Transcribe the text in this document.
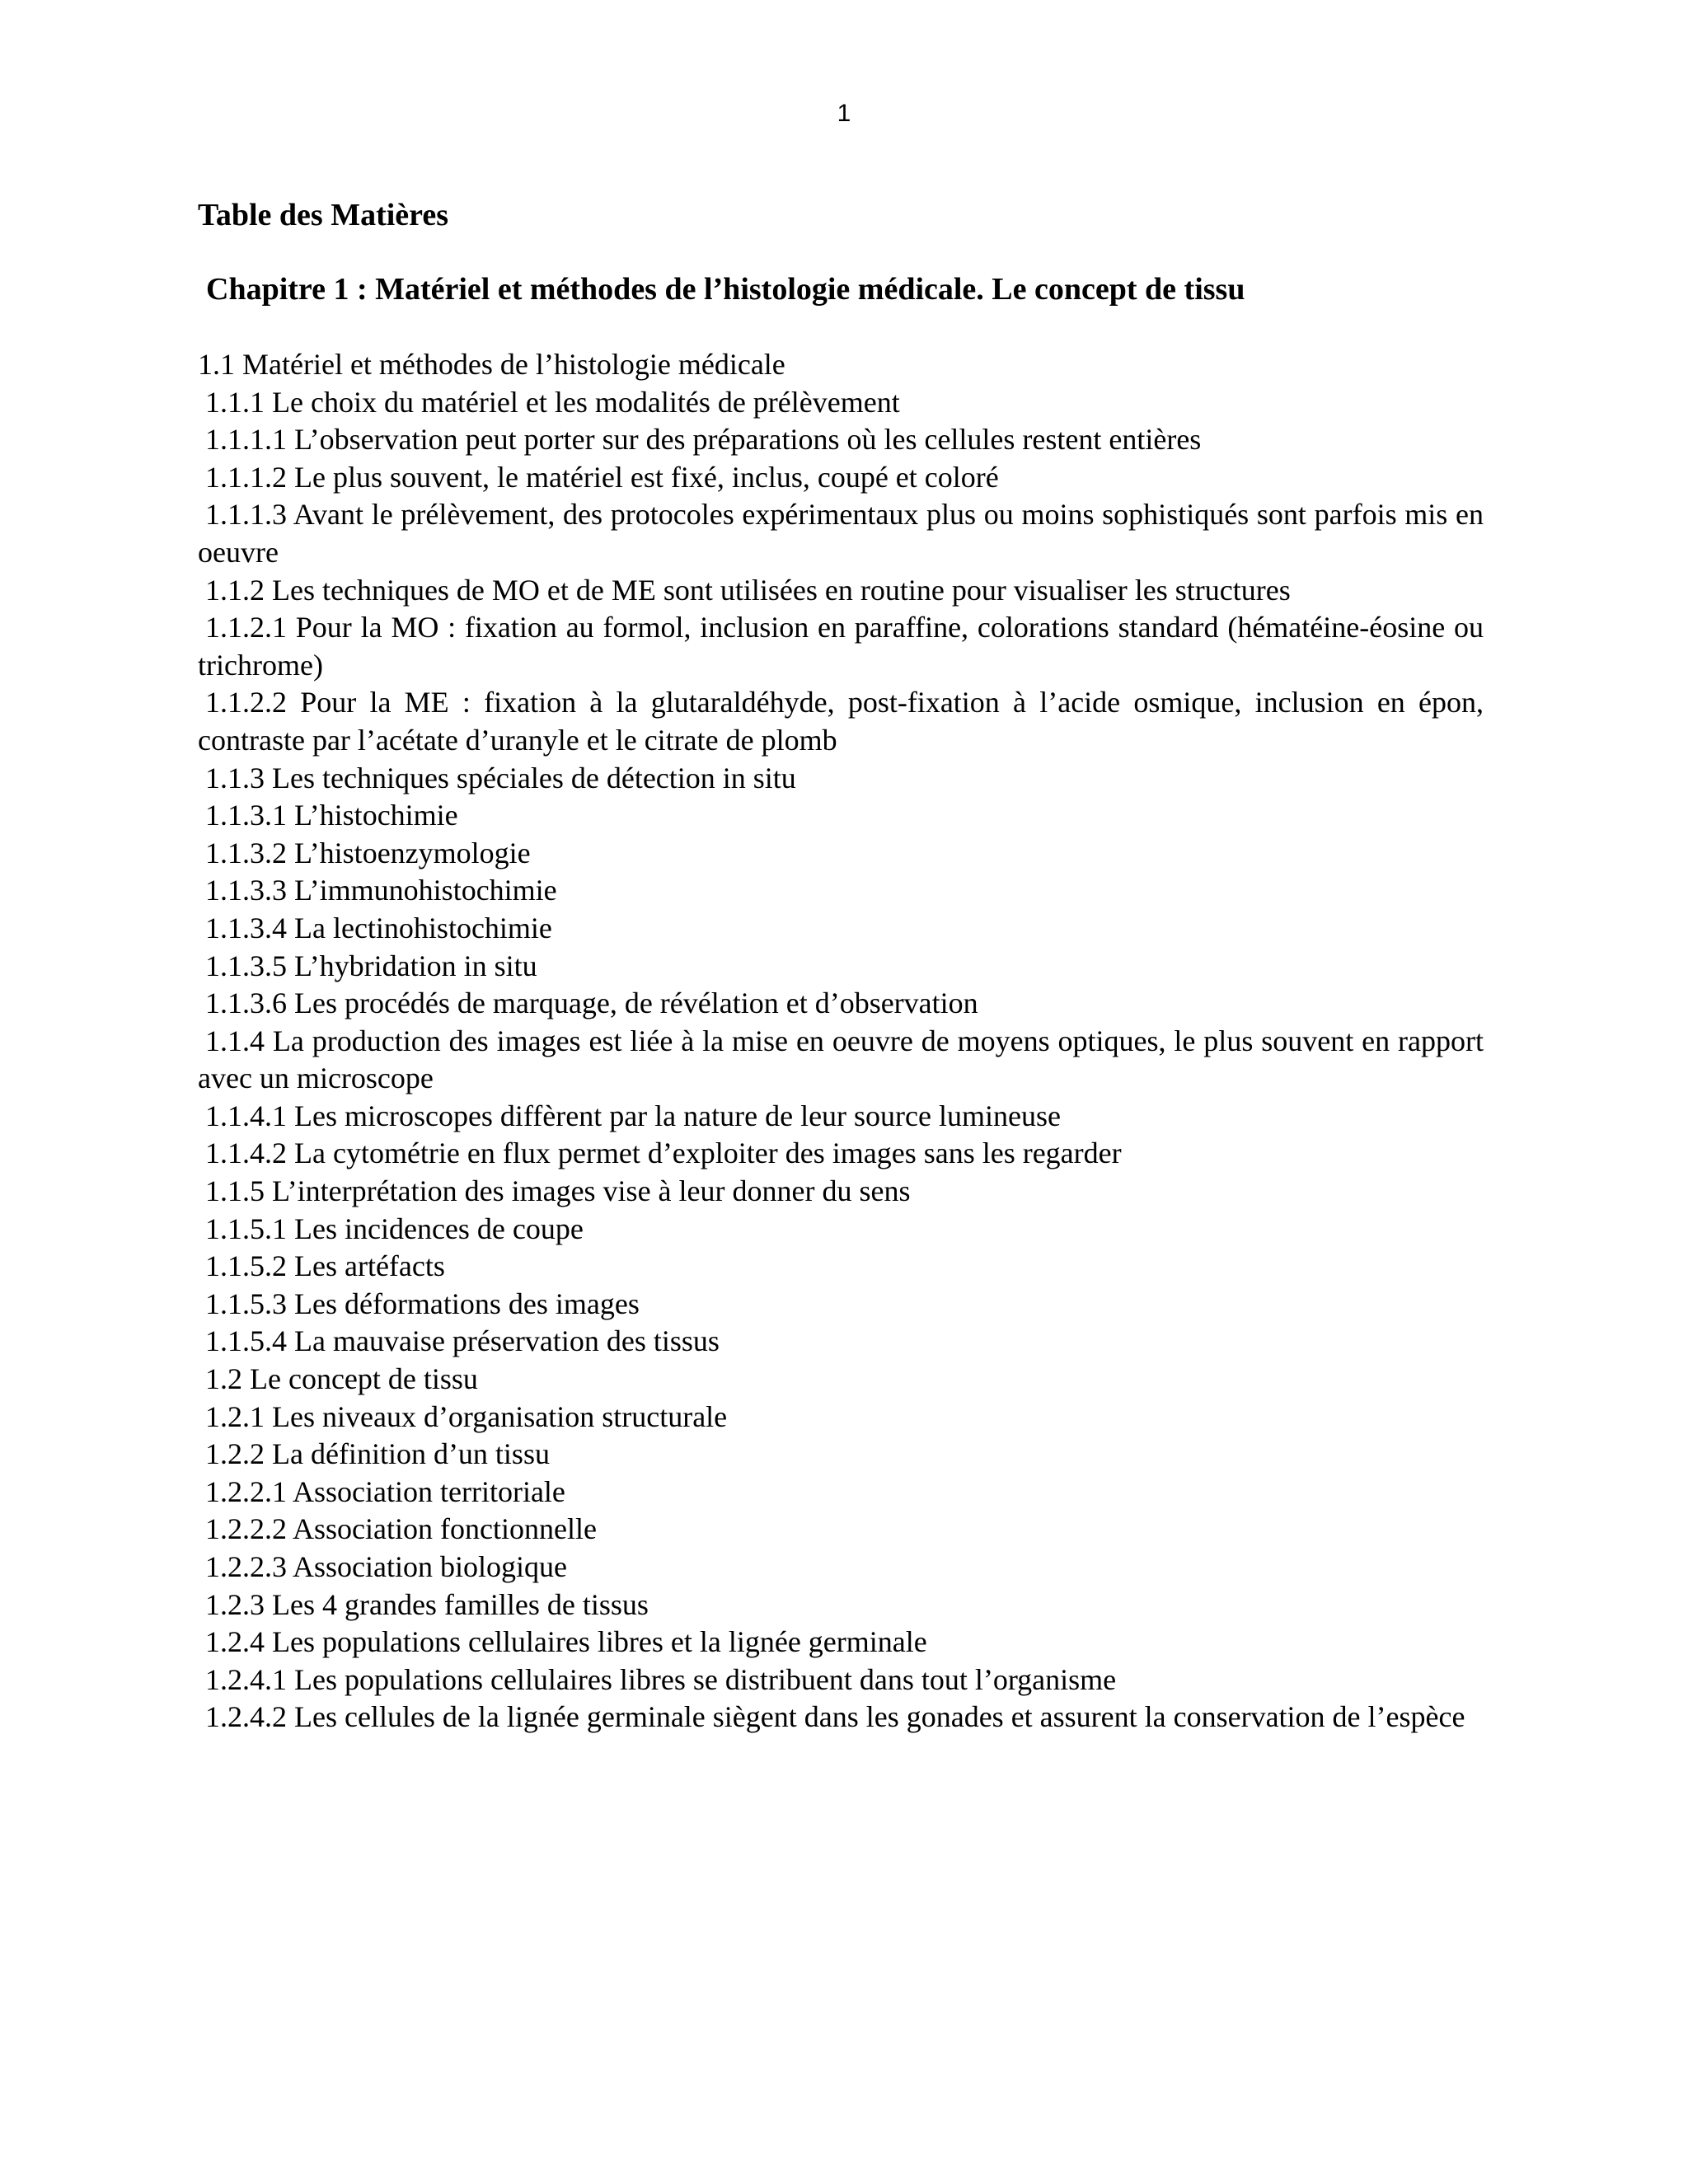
1
Table des Matières
Chapitre 1 : Matériel et méthodes de l’histologie médicale. Le concept de tissu
1.1 Matériel et méthodes de l’histologie médicale
1.1.1 Le choix du matériel et les modalités de prélèvement
1.1.1.1 L’observation peut porter sur des préparations où les cellules restent entières
1.1.1.2 Le plus souvent, le matériel est fixé, inclus, coupé et coloré
1.1.1.3 Avant le prélèvement, des protocoles expérimentaux plus ou moins sophistiqués sont parfois mis en oeuvre
1.1.2 Les techniques de MO et de ME sont utilisées en routine pour visualiser les structures
1.1.2.1 Pour la MO : fixation au formol, inclusion en paraffine, colorations standard (hématéine-éosine ou trichrome)
1.1.2.2 Pour la ME : fixation à la glutaraldéhyde, post-fixation à l’acide osmique, inclusion en épon, contraste par l’acétate d’uranyle et le citrate de plomb
1.1.3 Les techniques spéciales de détection in situ
1.1.3.1 L’histochimie
1.1.3.2 L’histoenzymologie
1.1.3.3 L’immunohistochimie
1.1.3.4 La lectinohistochimie
1.1.3.5 L’hybridation in situ
1.1.3.6 Les procédés de marquage, de révélation et d’observation
1.1.4 La production des images est liée à la mise en oeuvre de moyens optiques, le plus souvent en rapport avec un microscope
1.1.4.1 Les microscopes diffèrent par la nature de leur source lumineuse
1.1.4.2 La cytométrie en flux permet d’exploiter des images sans les regarder
1.1.5 L’interprétation des images vise à leur donner du sens
1.1.5.1 Les incidences de coupe
1.1.5.2 Les artéfacts
1.1.5.3 Les déformations des images
1.1.5.4 La mauvaise préservation des tissus
1.2 Le concept de tissu
1.2.1 Les niveaux d’organisation structurale
1.2.2 La définition d’un tissu
1.2.2.1 Association territoriale
1.2.2.2 Association fonctionnelle
1.2.2.3 Association biologique
1.2.3 Les 4 grandes familles de tissus
1.2.4 Les populations cellulaires libres et la lignée germinale
1.2.4.1 Les populations cellulaires libres se distribuent dans tout l’organisme
1.2.4.2 Les cellules de la lignée germinale siègent dans les gonades et assurent la conservation de l’espèce
